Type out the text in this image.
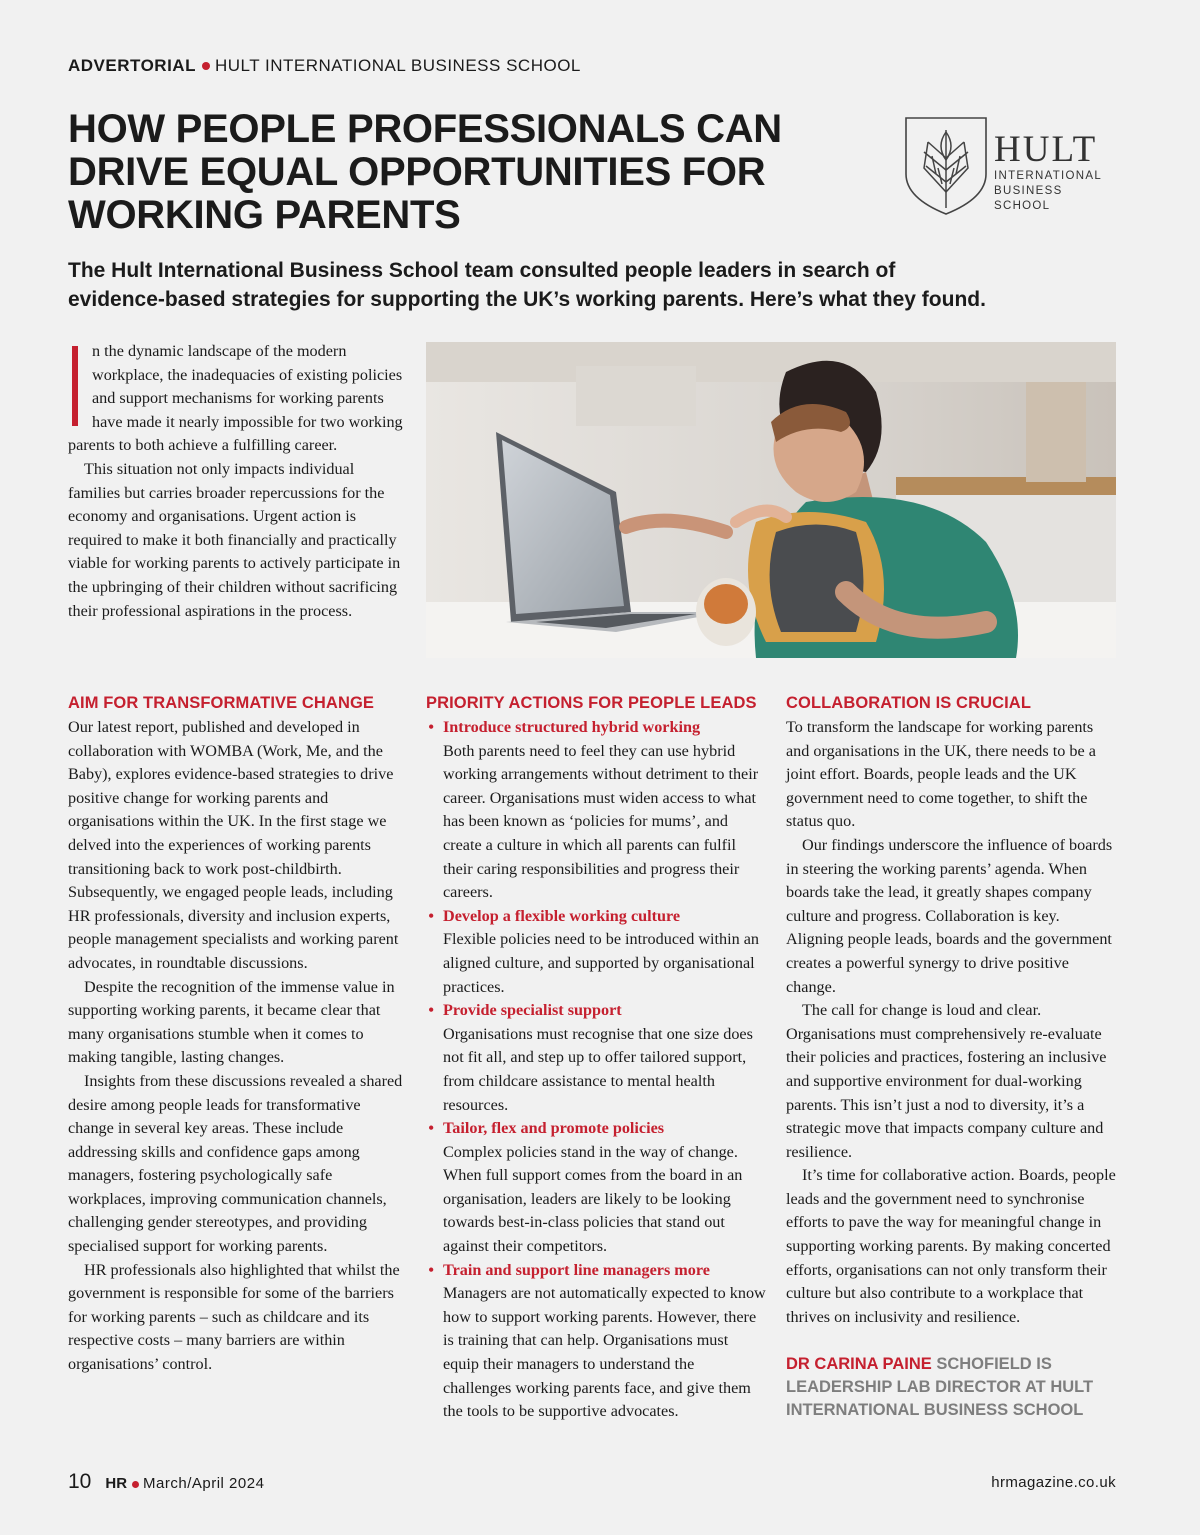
ADVERTORIAL HULT INTERNATIONAL BUSINESS SCHOOL
HOW PEOPLE PROFESSIONALS CAN
DRIVE EQUAL OPPORTUNITIES FOR
WORKING PARENTS
HULT
INTERNATIONAL
BUSINESS SCHOOL
The Hult International Business School team consulted people leaders in search of
evidence-based strategies for supporting the UK’s working parents. Here’s what they found.

n the dynamic landscape of the modern workplace, the inadequacies of existing policies and support mechanisms for working parents have made it nearly impossible for two working parents to both achieve a fulfilling career.

This situation not only impacts individual families but carries broader repercussions for the economy and organisations. Urgent action is required to make it both financially and practically viable for working parents to actively participate in the upbringing of their children without sacrificing their professional aspirations in the process.

AIM FOR TRANSFORMATIVE CHANGE

Our latest report, published and developed in collaboration with WOMBA (Work, Me, and the Baby), explores evidence-based strategies to drive positive change for working parents and organisations within the UK. In the first stage we delved into the experiences of working parents transitioning back to work post-childbirth. Subsequently, we engaged people leads, including HR professionals, diversity and inclusion experts, people management specialists and working parent advocates, in roundtable discussions.

Despite the recognition of the immense value in supporting working parents, it became clear that many organisations stumble when it comes to making tangible, lasting changes.

Insights from these discussions revealed a shared desire among people leads for transformative change in several key areas. These include addressing skills and confidence gaps among managers, fostering psychologically safe workplaces, improving communication channels, challenging gender stereotypes, and providing specialised support for working parents.

HR professionals also highlighted that whilst the government is responsible for some of the barriers for working parents – such as childcare and its respective costs – many barriers are within organisations’ control.

PRIORITY ACTIONS FOR PEOPLE LEADS
• Introduce structured hybrid working
Both parents need to feel they can use hybrid working arrangements without detriment to their career. Organisations must widen access to what has been known as ‘policies for mums’, and create a culture in which all parents can fulfil their caring responsibilities and progress their careers.
• Develop a flexible working culture
Flexible policies need to be introduced within an aligned culture, and supported by organisational practices.
• Provide specialist support
Organisations must recognise that one size does not fit all, and step up to offer tailored support, from childcare assistance to mental health resources.
• Tailor, flex and promote policies
Complex policies stand in the way of change. When full support comes from the board in an organisation, leaders are likely to be looking towards best-in-class policies that stand out against their competitors.
• Train and support line managers more
Managers are not automatically expected to know how to support working parents. However, there is training that can help. Organisations must equip their managers to understand the challenges working parents face, and give them the tools to be supportive advocates.
COLLABORATION IS CRUCIAL

To transform the landscape for working parents and organisations in the UK, there needs to be a joint effort. Boards, people leads and the UK government need to come together, to shift the status quo.

Our findings underscore the influence of boards in steering the working parents’ agenda. When boards take the lead, it greatly shapes company culture and progress. Collaboration is key. Aligning people leads, boards and the government creates a powerful synergy to drive positive change.

The call for change is loud and clear. Organisations must comprehensively re-evaluate their policies and practices, fostering an inclusive and supportive environment for dual-working parents. This isn’t just a nod to diversity, it’s a strategic move that impacts company culture and resilience.

It’s time for collaborative action. Boards, people leads and the government need to synchronise efforts to pave the way for meaningful change in supporting working parents. By making concerted efforts, organisations can not only transform their culture but also contribute to a workplace that thrives on inclusivity and resilience.

DR CARINA PAINE SCHOFIELD IS LEADERSHIP LAB DIRECTOR AT HULT INTERNATIONAL BUSINESS SCHOOL
10 HR March/April 2024	hrmagazine.co.uk
